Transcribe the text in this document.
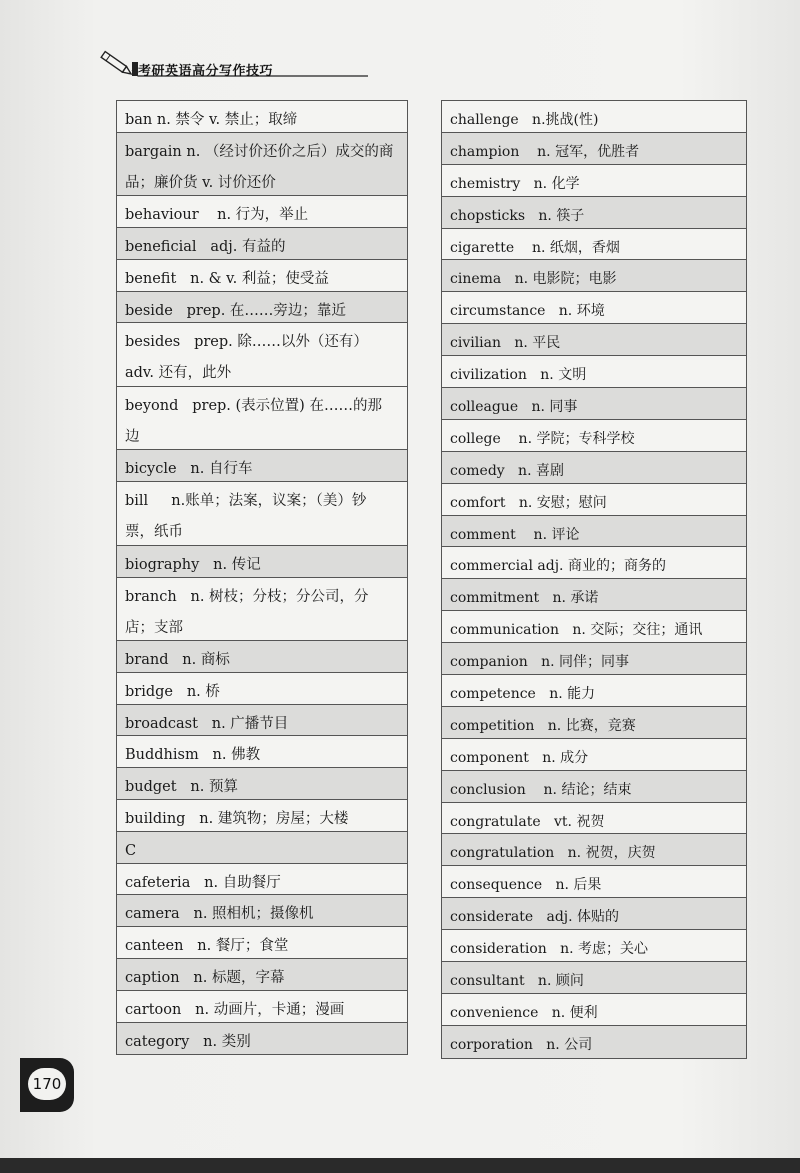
考研英语高分写作技巧
ban n. 禁令 v. 禁止；取缔
bargain n. （经讨价还价之后）成交的商
品；廉价货 v. 讨价还价
behaviour    n. 行为，举止
beneficial   adj. 有益的
benefit   n. & v. 利益；使受益
beside   prep. 在……旁边；靠近
besides   prep. 除……以外（还有）
adv. 还有，此外
beyond   prep. (表示位置) 在……的那
边
bicycle   n. 自行车
bill     n.账单；法案，议案；（美）钞
票，纸币
biography   n. 传记
branch   n. 树枝；分枝；分公司，分
店；支部
brand   n. 商标
bridge   n. 桥
broadcast   n. 广播节目
Buddhism   n. 佛教
budget   n. 预算
building   n. 建筑物；房屋；大楼
C
cafeteria   n. 自助餐厅
camera   n. 照相机；摄像机
canteen   n. 餐厅；食堂
caption   n. 标题，字幕
cartoon   n. 动画片，卡通；漫画
category   n. 类别
challenge   n.挑战(性)
champion    n. 冠军，优胜者
chemistry   n. 化学
chopsticks   n. 筷子
cigarette    n. 纸烟，香烟
cinema   n. 电影院；电影
circumstance   n. 环境
civilian   n. 平民
civilization   n. 文明
colleague   n. 同事
college    n. 学院；专科学校
comedy   n. 喜剧
comfort   n. 安慰；慰问
comment    n. 评论
commercial adj. 商业的；商务的
commitment   n. 承诺
communication   n. 交际；交往；通讯
companion   n. 同伴；同事
competence   n. 能力
competition   n. 比赛，竞赛
component   n. 成分
conclusion    n. 结论；结束
congratulate   vt. 祝贺
congratulation   n. 祝贺，庆贺
consequence   n. 后果
considerate   adj. 体贴的
consideration   n. 考虑；关心
consultant   n. 顾问
convenience   n. 便利
corporation   n. 公司
170
